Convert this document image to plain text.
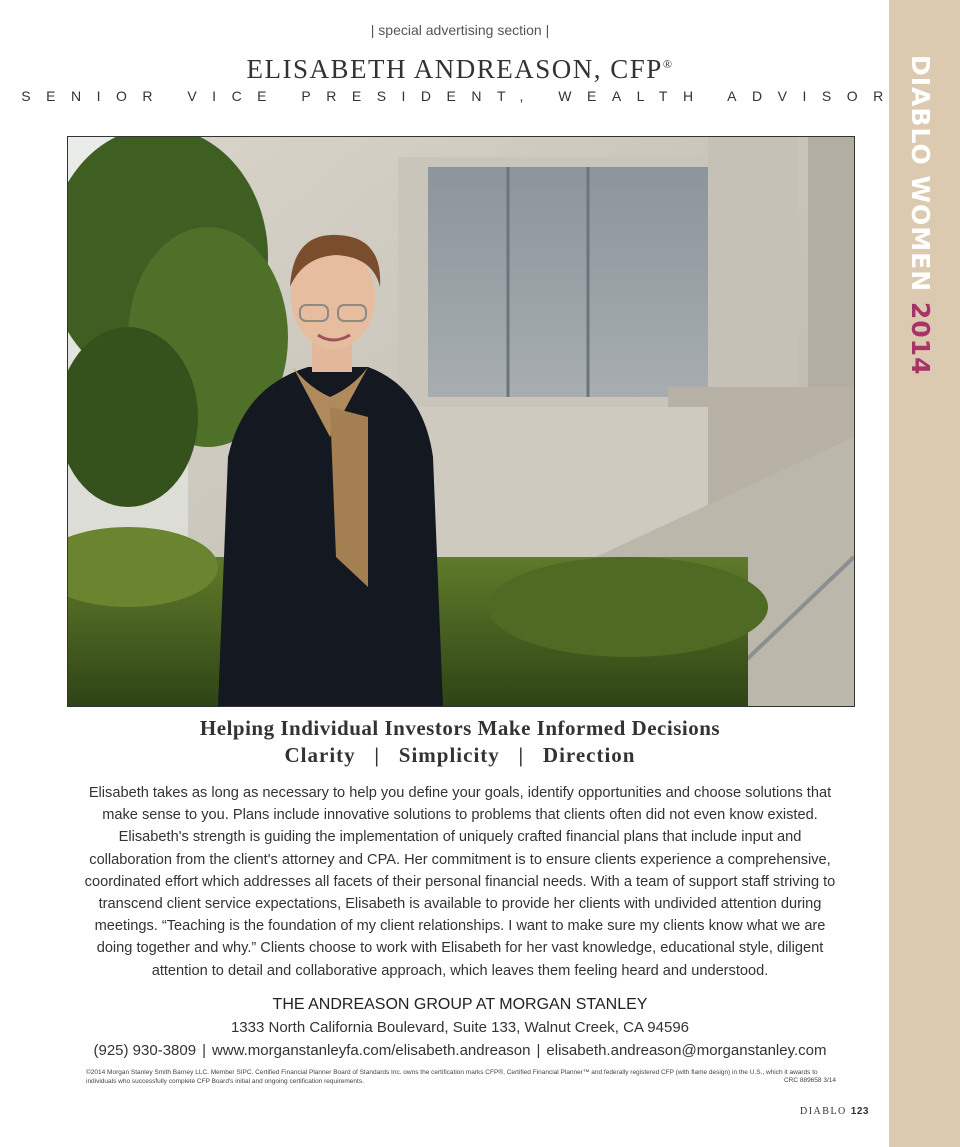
DIABLO WOMEN 2014
| special advertising section |
ELISABETH ANDREASON, CFP®
SENIOR VICE PRESIDENT, WEALTH ADVISOR
Helping Individual Investors Make Informed Decisions
Clarity   |   Simplicity   |   Direction
Elisabeth takes as long as necessary to help you define your goals, identify opportunities and choose solutions that make sense to you. Plans include innovative solutions to problems that clients often did not even know existed. Elisabeth's strength is guiding the implementation of uniquely crafted financial plans that include input and collaboration from the client's attorney and CPA. Her commitment is to ensure clients experience a comprehensive, coordinated effort which addresses all facets of their personal financial needs. With a team of support staff striving to transcend client service expectations, Elisabeth is available to provide her clients with undivided attention during meetings. “Teaching is the foundation of my client relationships. I want to make sure my clients know what we are doing together and why.” Clients choose to work with Elisabeth for her vast knowledge, educational style, diligent attention to detail and collaborative approach, which leaves them feeling heard and understood.
THE ANDREASON GROUP AT MORGAN STANLEY
1333 North California Boulevard, Suite 133, Walnut Creek, CA 94596
(925) 930-3809 | www.morganstanleyfa.com/elisabeth.andreason | elisabeth.andreason@morganstanley.com
©2014 Morgan Stanley Smith Barney LLC. Member SIPC. Certified Financial Planner Board of Standards Inc. owns the certification marks CFP®, Certified Financial Planner™ and federally registered CFP (with flame design) in the U.S., which it awards to individuals who successfully complete CFP Board's initial and ongoing certification requirements.	CRC 889658 3/14
DIABLO 123
